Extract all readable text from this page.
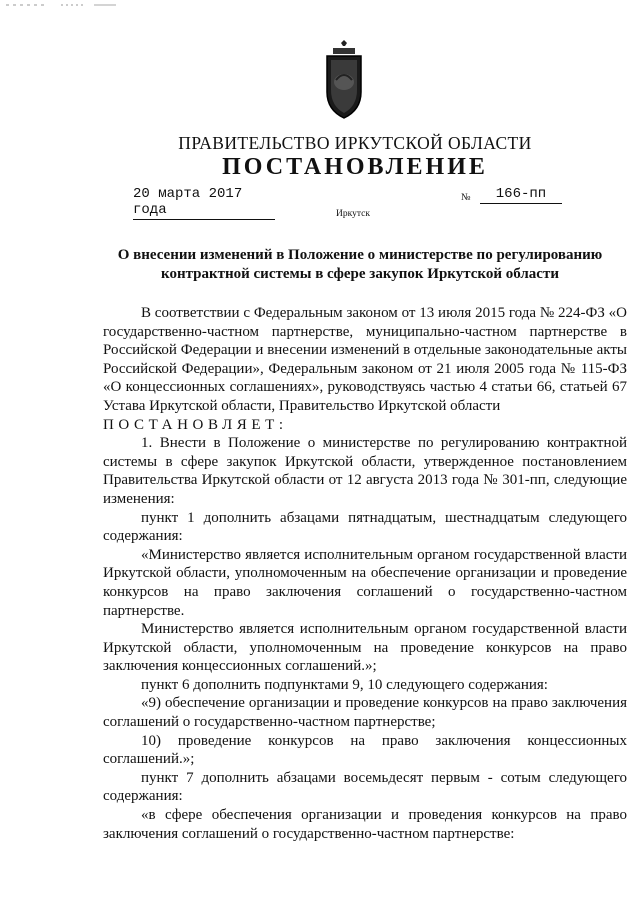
ПРАВИТЕЛЬСТВО ИРКУТСКОЙ ОБЛАСТИ
ПОСТАНОВЛЕНИЕ
20 марта 2017 года
№	166-пп
Иркутск
О внесении изменений в Положение о министерстве по регулированию
контрактной системы в сфере закупок Иркутской области

В соответствии с Федеральным законом от 13 июля 2015 года № 224-ФЗ «О государственно-частном партнерстве, муниципально-частном партнерстве в Российской Федерации и внесении изменений в отдельные законодательные акты Российской Федерации», Федеральным законом от 21 июля 2005 года № 115-ФЗ «О концессионных соглашениях», руководствуясь частью 4 статьи 66, статьей 67 Устава Иркутской области, Правительство Иркутской области

ПОСТАНОВЛЯЕТ:

1. Внести в Положение о министерстве по регулированию контрактной системы в сфере закупок Иркутской области, утвержденное постановлением Правительства Иркутской области от 12 августа 2013 года № 301-пп, следующие изменения:

пункт 1 дополнить абзацами пятнадцатым, шестнадцатым следующего содержания:

«Министерство является исполнительным органом государственной власти Иркутской области, уполномоченным на обеспечение организации и проведение конкурсов на право заключения соглашений о государственно-частном партнерстве.

Министерство является исполнительным органом государственной власти Иркутской области, уполномоченным на проведение конкурсов на право заключения концессионных соглашений.»;

пункт 6 дополнить подпунктами 9, 10 следующего содержания:

«9) обеспечение организации и проведение конкурсов на право заключения соглашений о государственно-частном партнерстве;

10) проведение конкурсов на право заключения концессионных соглашений.»;

пункт 7 дополнить абзацами восемьдесят первым - сотым следующего содержания:

«в сфере обеспечения организации и проведения конкурсов на право заключения соглашений о государственно-частном партнерстве:
